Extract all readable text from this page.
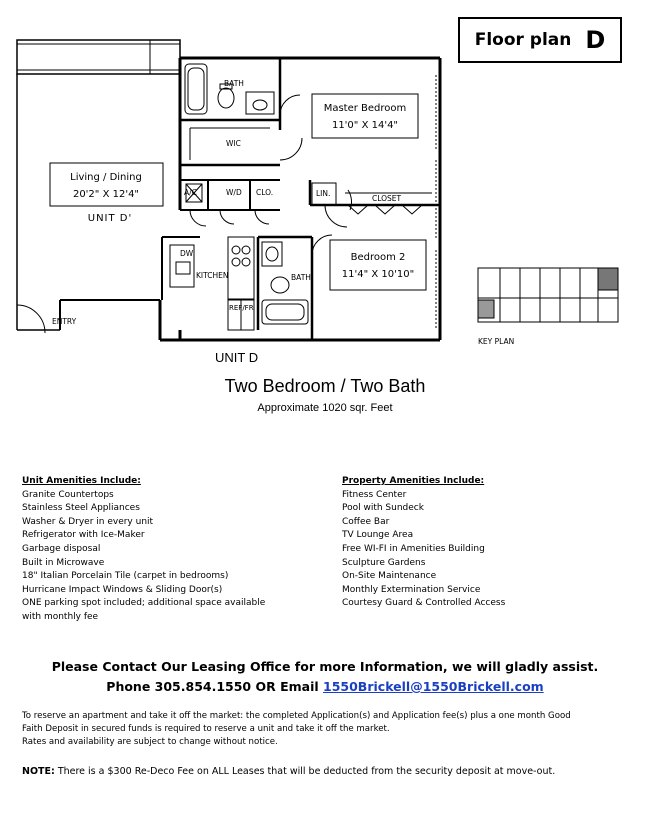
Floor plan D
BATH
WIC
A/C	W/D CLO.	LIN.
CLOSET
DW
KITCHEN	BATH
REF/FR
ENTRY
KEY PLAN
Master Bedroom
11'0" X 14'4"
Living / Dining
20'2" X 12'4"
UNIT D'
Bedroom 2
11'4" X 10'10"
UNIT D
Two Bedroom / Two Bath
Approximate 1020 sqr. Feet
Unit Amenities Include:
Granite Countertops
Stainless Steel Appliances
Washer & Dryer in every unit
Refrigerator with Ice-Maker
Garbage disposal
Built in Microwave
18" Italian Porcelain Tile (carpet in bedrooms)
Hurricane Impact Windows & Sliding Door(s)
ONE parking spot included; additional space available
with monthly fee
Property Amenities Include:
Fitness Center
Pool with Sundeck
Coffee Bar
TV Lounge Area
Free WI-FI in Amenities Building
Sculpture Gardens
On-Site Maintenance
Monthly Extermination Service
Courtesy Guard & Controlled Access
Please Contact Our Leasing Office for more Information, we will gladly assist.
Phone 305.854.1550 OR Email 1550Brickell@1550Brickell.com
To reserve an apartment and take it off the market: the completed Application(s) and Application fee(s) plus a one month Good
Faith Deposit in secured funds is required to reserve a unit and take it off the market.
Rates and availability are subject to change without notice.
NOTE: There is a $300 Re-Deco Fee on ALL Leases that will be deducted from the security deposit at move-out.
